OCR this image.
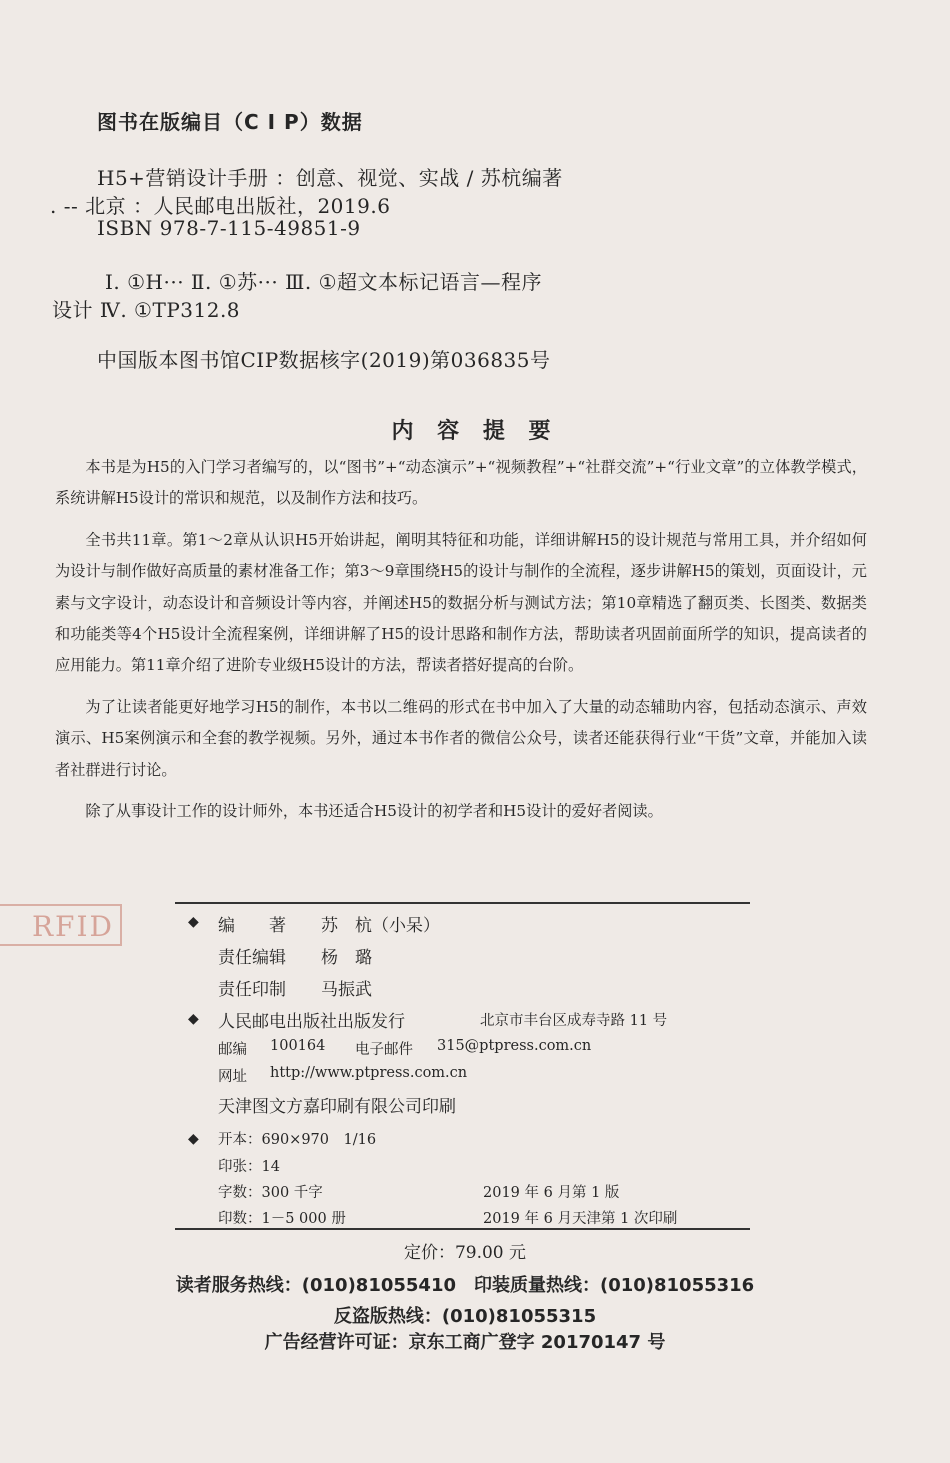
图书在版编目（C I P）数据
H5+营销设计手册 ：创意、视觉、实战 / 苏杭编著
. -- 北京 ：人民邮电出版社，2019.6
ISBN 978-7-115-49851-9
Ⅰ. ①H··· Ⅱ. ①苏··· Ⅲ. ①超文本标记语言—程序
设计 Ⅳ. ①TP312.8
中国版本图书馆CIP数据核字(2019)第036835号
内 容 提 要

本书是为H5的入门学习者编写的，以“图书”+“动态演示”+“视频教程”+“社群交流”+“行业文章”的立体教学模式，系统讲解H5设计的常识和规范，以及制作方法和技巧。

全书共11章。第1～2章从认识H5开始讲起，阐明其特征和功能，详细讲解H5的设计规范与常用工具，并介绍如何为设计与制作做好高质量的素材准备工作；第3～9章围绕H5的设计与制作的全流程，逐步讲解H5的策划，页面设计，元素与文字设计，动态设计和音频设计等内容，并阐述H5的数据分析与测试方法；第10章精选了翻页类、长图类、数据类和功能类等4个H5设计全流程案例，详细讲解了H5的设计思路和制作方法，帮助读者巩固前面所学的知识，提高读者的应用能力。第11章介绍了进阶专业级H5设计的方法，帮读者搭好提高的台阶。

为了让读者能更好地学习H5的制作，本书以二维码的形式在书中加入了大量的动态辅助内容，包括动态演示、声效演示、H5案例演示和全套的教学视频。另外，通过本书作者的微信公众号，读者还能获得行业“干货”文章，并能加入读者社群进行讨论。

除了从事设计工作的设计师外，本书还适合H5设计的初学者和H5设计的爱好者阅读。

RFID	◆ 编　　著 苏　杭（小呆）
责任编辑 杨　璐
责任印制 马振武
◆ 人民邮电出版社出版发行	北京市丰台区成寿寺路 11 号
邮编 100164 电子邮件 315@ptpress.com.cn
网址 http://www.ptpress.com.cn
天津图文方嘉印刷有限公司印刷
◆ 开本：690×970　1/16
印张：14
字数：300 千字	2019 年 6 月第 1 版
印数：1－5 000 册	2019 年 6 月天津第 1 次印刷
定价：79.00 元
读者服务热线：(010)81055410　印装质量热线：(010)81055316
反盗版热线：(010)81055315
广告经营许可证：京东工商广登字 20170147 号
